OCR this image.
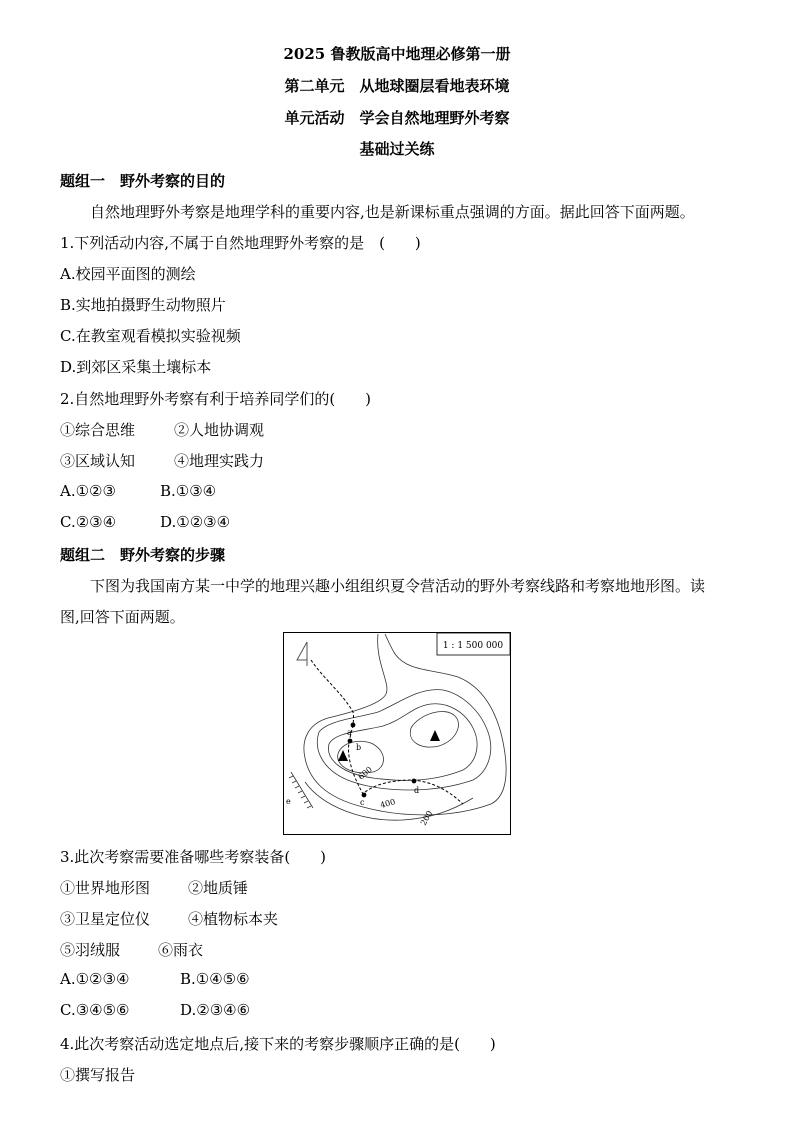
2025 鲁教版高中地理必修第一册
第二单元　从地球圈层看地表环境
单元活动　学会自然地理野外考察
基础过关练
题组一　野外考察的目的
自然地理野外考察是地理学科的重要内容,也是新课标重点强调的方面。据此回答下面两题。
1.下列活动内容,不属于自然地理野外考察的是　(　　)
A.校园平面图的测绘
B.实地拍摄野生动物照片
C.在教室观看模拟实验视频
D.到郊区采集土壤标本
2.自然地理野外考察有利于培养同学们的(　　)
①综合思维	②人地协调观
③区域认知	④地理实践力
A.①②③	B.①③④
C.②③④	D.①②③④
题组二　野外考察的步骤
下图为我国南方某一中学的地理兴趣小组组织夏令营活动的野外考察线路和考察地地形图。读
图,回答下面两题。
1 : 1 500 000
a
b
c
d
e
600
400
200
3.此次考察需要准备哪些考察装备(　　)
①世界地形图	②地质锤
③卫星定位仪	④植物标本夹
⑤羽绒服	⑥雨衣
A.①②③④	B.①④⑤⑥
C.③④⑤⑥	D.②③④⑥
4.此次考察活动选定地点后,接下来的考察步骤顺序正确的是(　　)
①撰写报告
